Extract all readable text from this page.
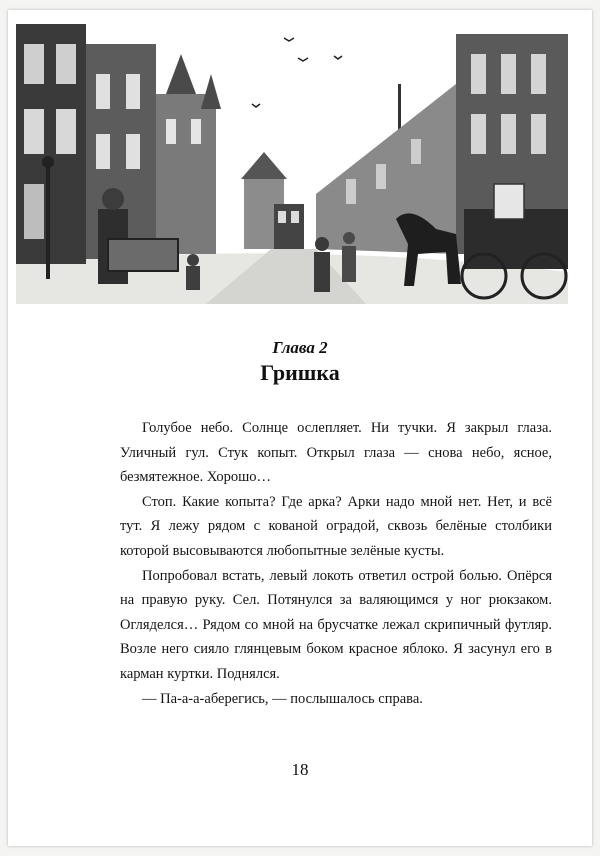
Глава 2
Гришка

Голубое небо. Солнце ослепляет. Ни тучки. Я закрыл глаза. Уличный гул. Стук копыт. Открыл глаза — снова небо, ясное, безмятежное. Хорошо…

Стоп. Какие копыта? Где арка? Арки надо мной нет. Нет, и всё тут. Я лежу рядом с кованой оградой, сквозь белёные столбики которой высовываются любопытные зелёные кусты.

Попробовал встать, левый локоть ответил острой болью. Опёрся на правую руку. Сел. Потянулся за валяющимся у ног рюкзаком. Огляделся… Рядом со мной на брусчатке лежал скрипичный футляр. Возле него сияло глянцевым боком красное яблоко. Я засунул его в карман куртки. Поднялся.

— Па-а-а-аберегись, — послышалось справа.

18
